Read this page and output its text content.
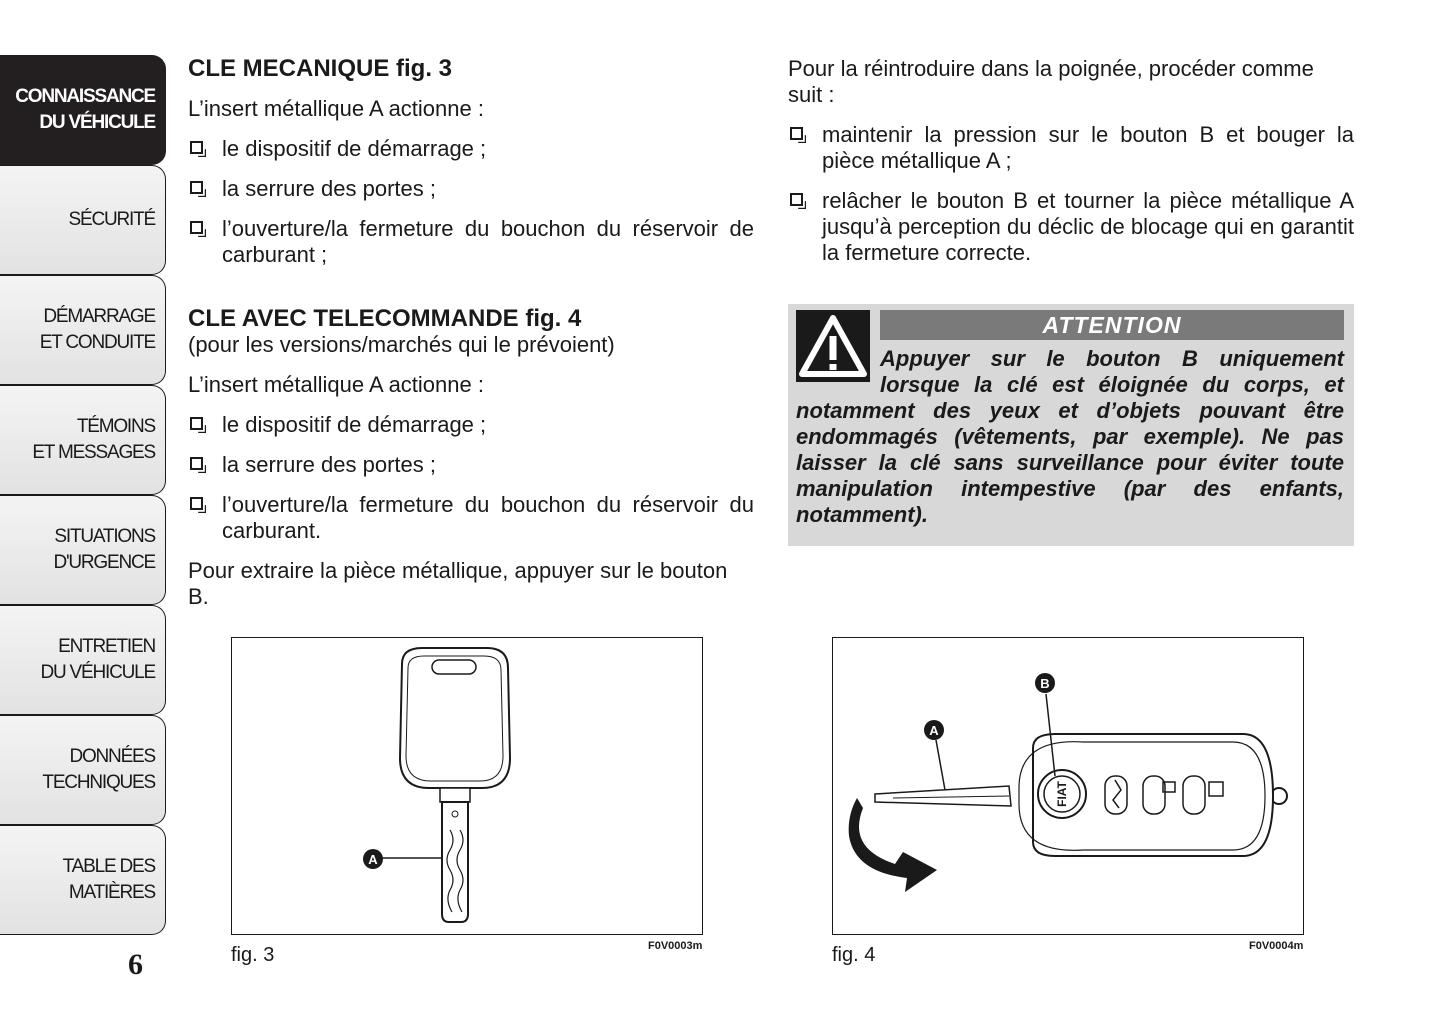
CONNAISSANCE
DU VÉHICULE
SÉCURITÉ
DÉMARRAGE
ET CONDUITE
TÉMOINS
ET MESSAGES
SITUATIONS
D'URGENCE
ENTRETIEN
DU VÉHICULE
DONNÉES
TECHNIQUES
TABLE DES
MATIÈRES
6
CLE MECANIQUE fig. 3

L’insert métallique A actionne :

le dispositif de démarrage ;
la serrure des portes ;
l’ouverture/la fermeture du bouchon du réservoir de carburant ;
CLE AVEC TELECOMMANDE fig. 4
(pour les versions/marchés qui le prévoient)

L’insert métallique A actionne :

le dispositif de démarrage ;
la serrure des portes ;
l’ouverture/la fermeture du bouchon du réservoir du carburant.

Pour extraire la pièce métallique, appuyer sur le bouton B.

Pour la réintroduire dans la poignée, procéder comme suit :

maintenir la pression sur le bouton B et bouger la pièce métallique A ;
relâcher le bouton B et tourner la pièce métallique A jusqu’à perception du déclic de blocage qui en garantit la fermeture correcte.
ATTENTION
Appuyer sur le bouton B uniquement lorsque la clé est éloignée du corps, et notamment des yeux et d’objets pouvant être endommagés (vêtements, par exemple). Ne pas laisser la clé sans surveillance pour éviter toute manipulation intempestive (par des enfants, notamment).
A
fig. 3	F0V0003m
FIAT
A
B
fig. 4	F0V0004m
